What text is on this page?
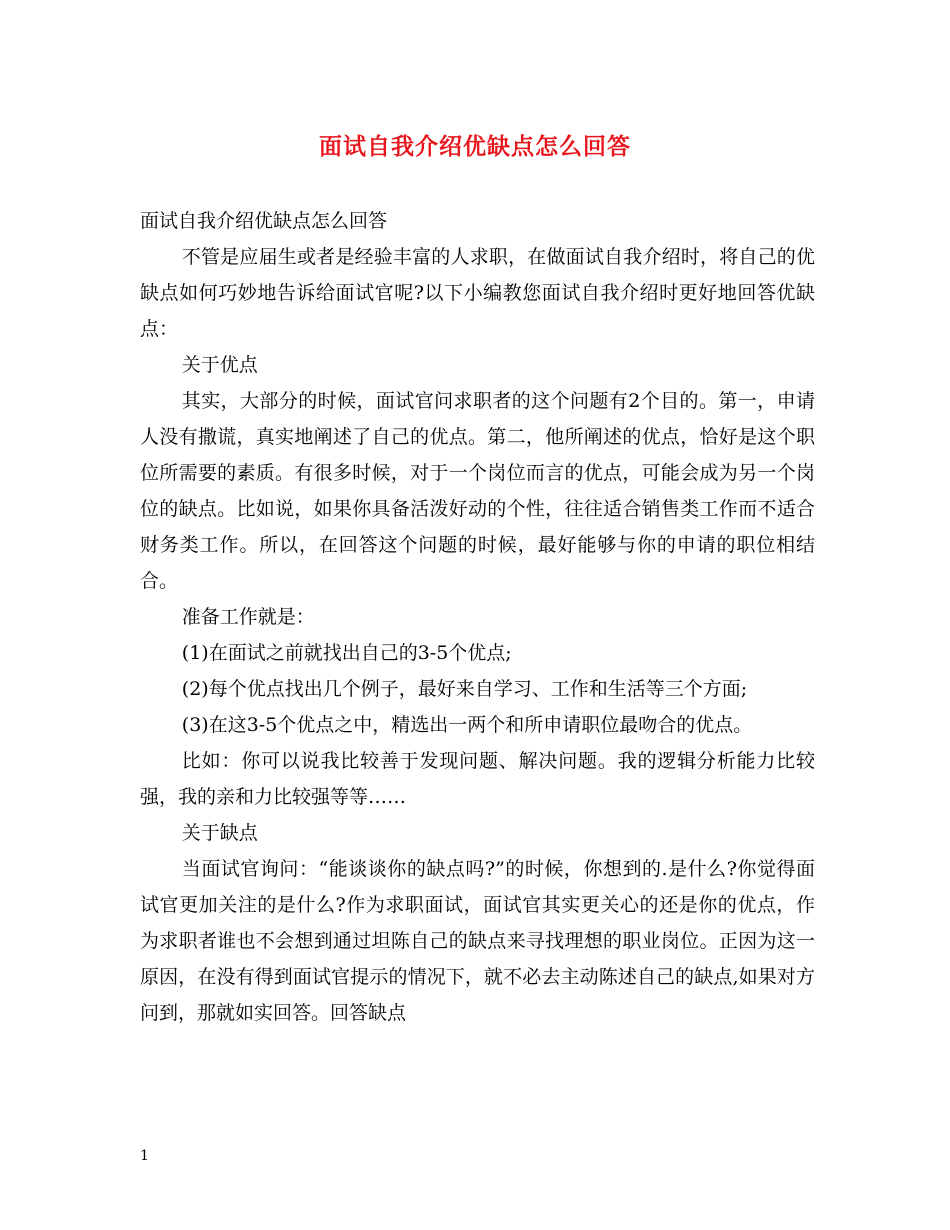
面试自我介绍优缺点怎么回答

面试自我介绍优缺点怎么回答

不管是应届生或者是经验丰富的人求职，在做面试自我介绍时，将自己的优缺点如何巧妙地告诉给面试官呢?以下小编教您面试自我介绍时更好地回答优缺点：

关于优点

其实，大部分的时候，面试官问求职者的这个问题有2个目的。第一，申请人没有撒谎，真实地阐述了自己的优点。第二，他所阐述的优点，恰好是这个职位所需要的素质。有很多时候，对于一个岗位而言的优点，可能会成为另一个岗位的缺点。比如说，如果你具备活泼好动的个性，往往适合销售类工作而不适合财务类工作。所以，在回答这个问题的时候，最好能够与你的申请的职位相结合。

准备工作就是：

(1)在面试之前就找出自己的3-5个优点;

(2)每个优点找出几个例子，最好来自学习、工作和生活等三个方面;

(3)在这3-5个优点之中，精选出一两个和所申请职位最吻合的优点。

比如：你可以说我比较善于发现问题、解决问题。我的逻辑分析能力比较强，我的亲和力比较强等等……

关于缺点

当面试官询问：“能谈谈你的缺点吗?”的时候，你想到的.是什么?你觉得面试官更加关注的是什么?作为求职面试，面试官其实更关心的还是你的优点，作为求职者谁也不会想到通过坦陈自己的缺点来寻找理想的职业岗位。正因为这一原因，在没有得到面试官提示的情况下，就不必去主动陈述自己的缺点,如果对方问到，那就如实回答。回答缺点

1
